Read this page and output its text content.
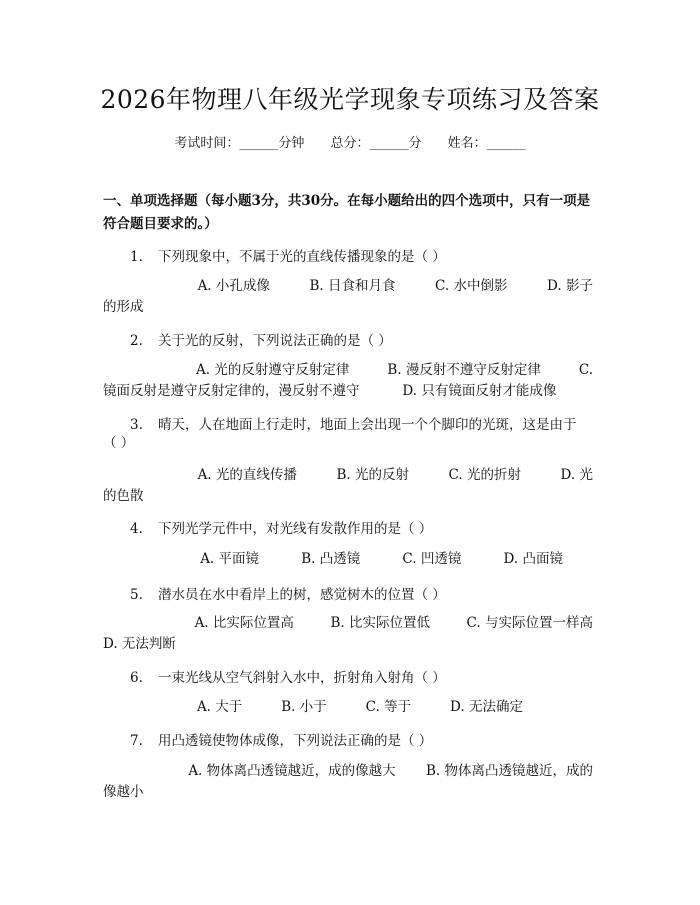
2026年物理八年级光学现象专项练习及答案
考试时间：______分钟 总分：______分 姓名：______
一、单项选择题（每小题3分，共30分。在每小题给出的四个选项中，只有一项是符合题目要求的。）
1. 下列现象中，不属于光的直线传播现象的是（ ）
A. 小孔成像	B. 日食和月食	C. 水中倒影	D. 影子
的形成
2. 关于光的反射，下列说法正确的是（ ）
A. 光的反射遵守反射定律	B. 漫反射不遵守反射定律	C.
镜面反射是遵守反射定律的，漫反射不遵守          D. 只有镜面反射才能成像
3. 晴天，人在地面上行走时，地面上会出现一个个脚印的光斑，这是由于
（ ）
A. 光的直线传播	B. 光的反射	C. 光的折射	D. 光
的色散
4. 下列光学元件中，对光线有发散作用的是（ ）
A. 平面镜	B. 凸透镜	C. 凹透镜	D. 凸面镜
5. 潜水员在水中看岸上的树，感觉树木的位置（ ）
A. 比实际位置高	B. 比实际位置低	C. 与实际位置一样高
D. 无法判断
6. 一束光线从空气斜射入水中，折射角入射角（ ）
A. 大于	B. 小于	C. 等于	D. 无法确定
7. 用凸透镜使物体成像，下列说法正确的是（ ）
A. 物体离凸透镜越近，成的像越大 B. 物体离凸透镜越近，成的
像越小
